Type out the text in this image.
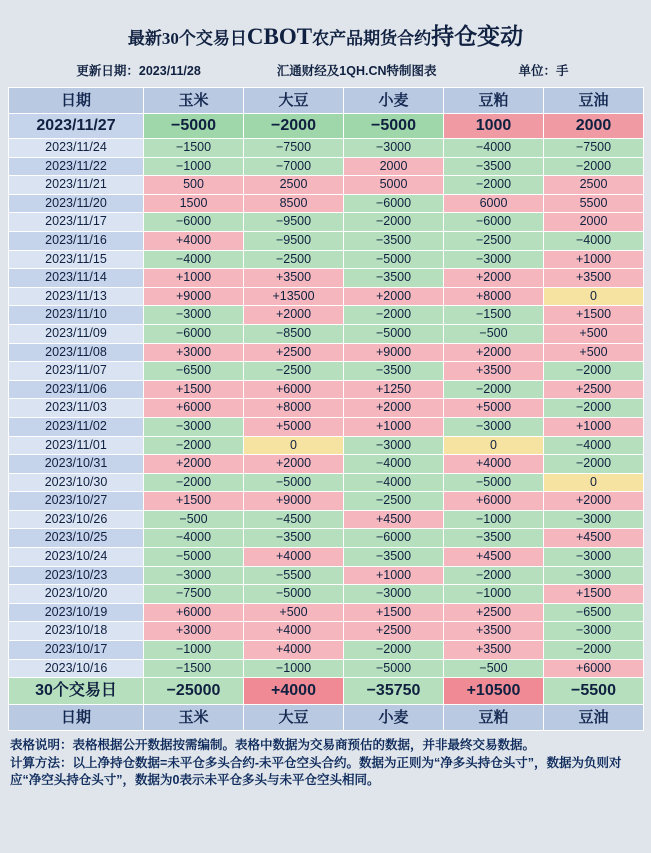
最新30个交易日CBOT农产品期货合约持仓变动
更新日期：2023/11/28	汇通财经及1QH.CN特制图表	单位：手
日期	玉米	大豆	小麦	豆粕	豆油
2023/11/27	−5000	−2000	−5000	1000	2000
2023/11/24	−1500	−7500	−3000	−4000	−7500
2023/11/22	−1000	−7000	2000	−3500	−2000
2023/11/21	500	2500	5000	−2000	2500
2023/11/20	1500	8500	−6000	6000	5500
2023/11/17	−6000	−9500	−2000	−6000	2000
2023/11/16	+4000	−9500	−3500	−2500	−4000
2023/11/15	−4000	−2500	−5000	−3000	+1000
2023/11/14	+1000	+3500	−3500	+2000	+3500
2023/11/13	+9000	+13500	+2000	+8000	0
2023/11/10	−3000	+2000	−2000	−1500	+1500
2023/11/09	−6000	−8500	−5000	−500	+500
2023/11/08	+3000	+2500	+9000	+2000	+500
2023/11/07	−6500	−2500	−3500	+3500	−2000
2023/11/06	+1500	+6000	+1250	−2000	+2500
2023/11/03	+6000	+8000	+2000	+5000	−2000
2023/11/02	−3000	+5000	+1000	−3000	+1000
2023/11/01	−2000	0	−3000	0	−4000
2023/10/31	+2000	+2000	−4000	+4000	−2000
2023/10/30	−2000	−5000	−4000	−5000	0
2023/10/27	+1500	+9000	−2500	+6000	+2000
2023/10/26	−500	−4500	+4500	−1000	−3000
2023/10/25	−4000	−3500	−6000	−3500	+4500
2023/10/24	−5000	+4000	−3500	+4500	−3000
2023/10/23	−3000	−5500	+1000	−2000	−3000
2023/10/20	−7500	−5000	−3000	−1000	+1500
2023/10/19	+6000	+500	+1500	+2500	−6500
2023/10/18	+3000	+4000	+2500	+3500	−3000
2023/10/17	−1000	+4000	−2000	+3500	−2000
2023/10/16	−1500	−1000	−5000	−500	+6000
30个交易日	−25000	+4000	−35750	+10500	−5500
日期	玉米	大豆	小麦	豆粕	豆油

表格说明：表格根据公开数据按需编制。表格中数据为交易商预估的数据，并非最终交易数据。

计算方法：以上净持仓数据=未平仓多头合约-未平仓空头合约。数据为正则为“净多头持仓头寸”，数据为负则对应“净空头持仓头寸”，数据为0表示未平仓多头与未平仓空头相同。
